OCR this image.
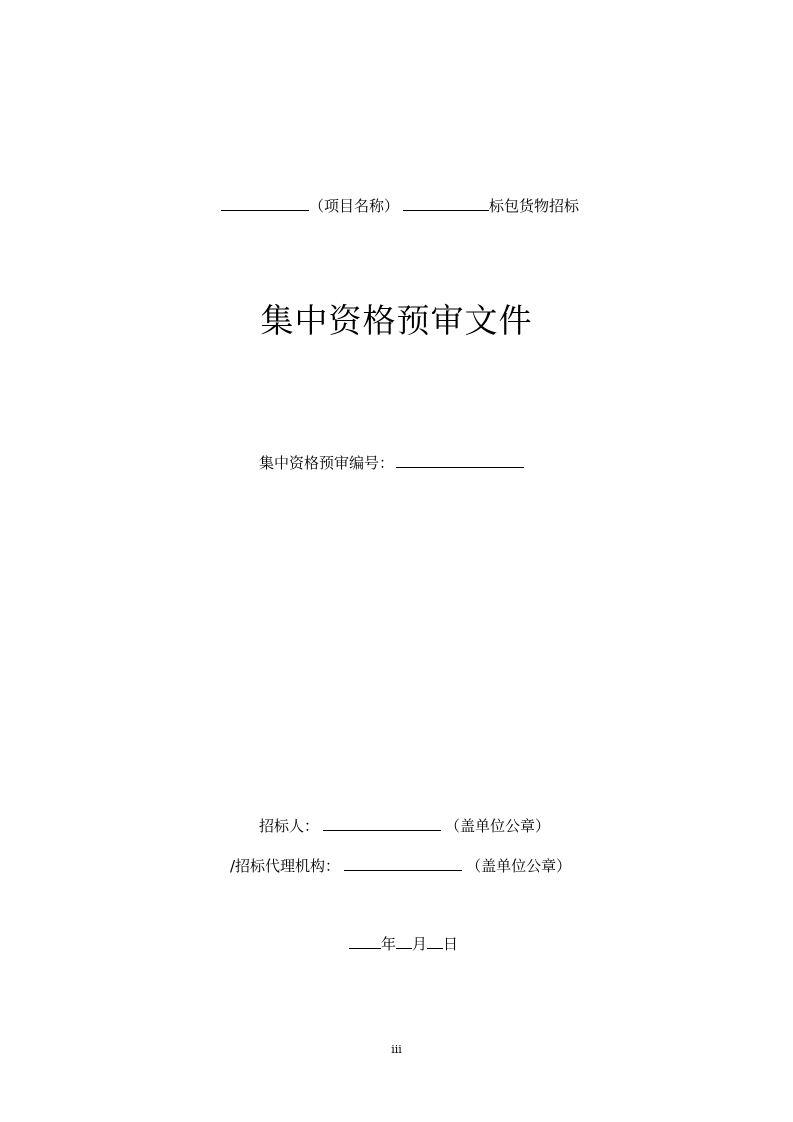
（项目名称）	标包货物招标
集中资格预审文件
集中资格预审编号：
招标人：	（盖单位公章）
/招标代理机构：	（盖单位公章）
年 月 日
iii
